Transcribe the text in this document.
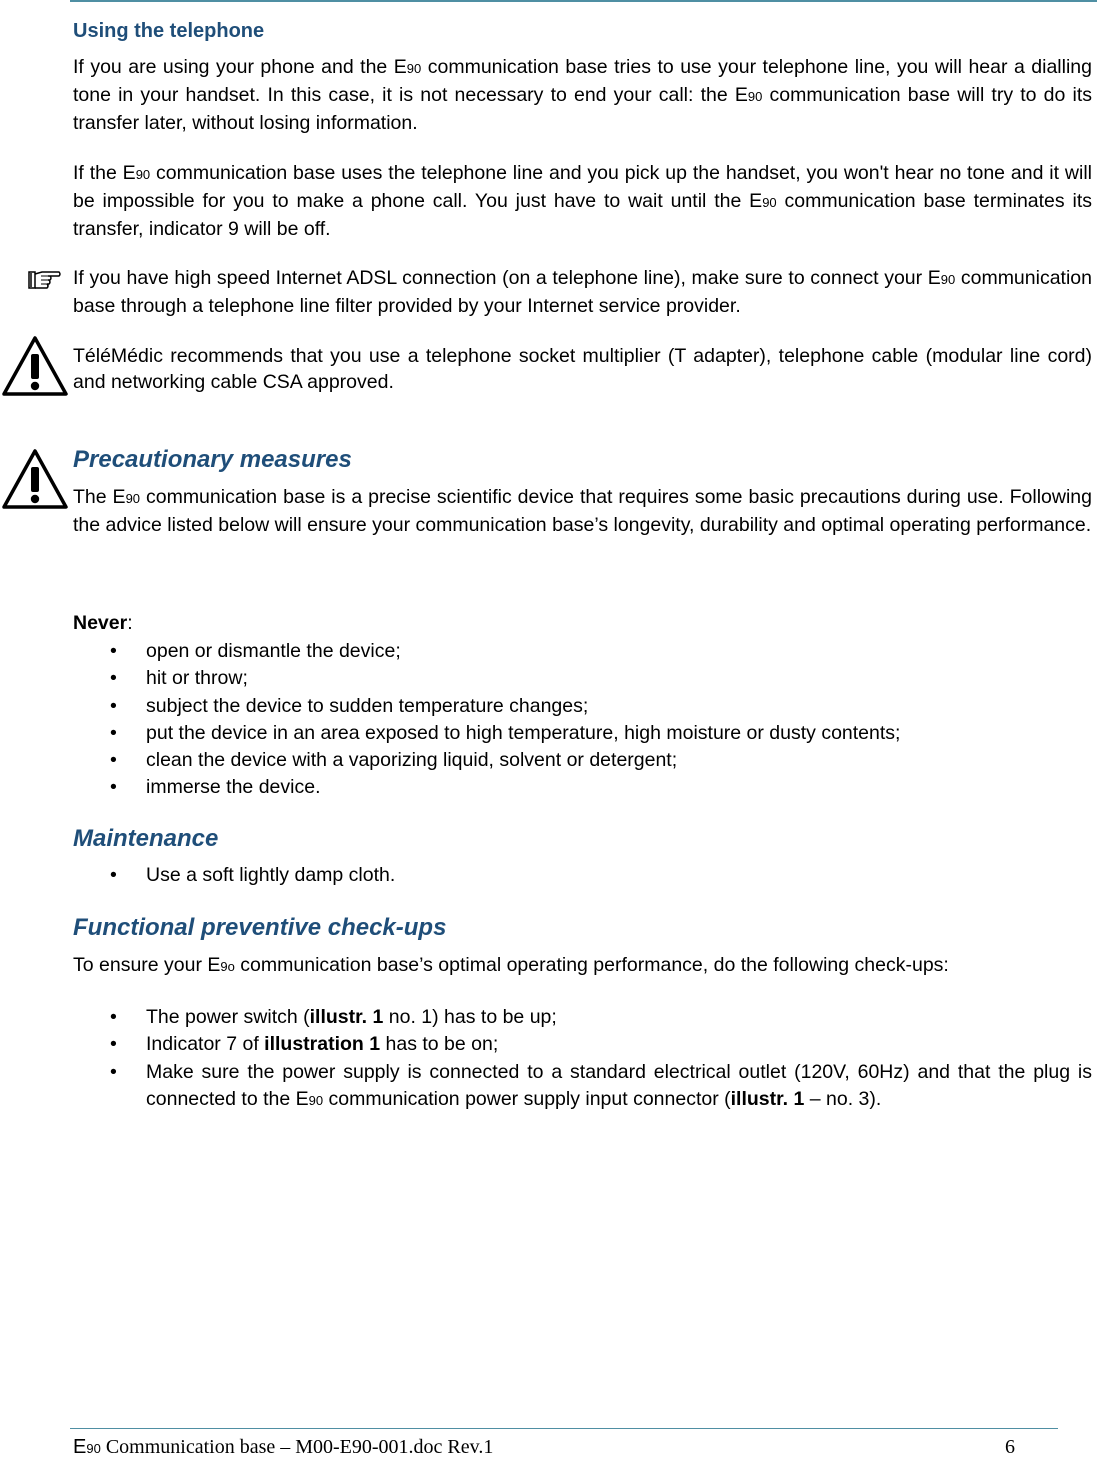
Using the telephone
If you are using your phone and the E90 communication base tries to use your telephone line, you will hear a dialling tone in your handset. In this case, it is not necessary to end your call: the E90 communication base will try to do its transfer later, without losing information.
If the E90 communication base uses the telephone line and you pick up the handset, you won't hear no tone and it will be impossible for you to make a phone call. You just have to wait until the E90 communication base terminates its transfer, indicator 9 will be off.
If you have high speed Internet ADSL connection (on a telephone line), make sure to connect your E90 communication base through a telephone line filter provided by your Internet service provider.
TéléMédic recommends that you use a telephone socket multiplier (T adapter), telephone cable (modular line cord) and networking cable CSA approved.
Precautionary measures
The E90 communication base is a precise scientific device that requires some basic precautions during use. Following the advice listed below will ensure your communication base’s longevity, durability and optimal operating performance.
Never:
• open or dismantle the device;
• hit or throw;
• subject the device to sudden temperature changes;
• put the device in an area exposed to high temperature, high moisture or dusty contents;
• clean the device with a vaporizing liquid, solvent or detergent;
• immerse the device.
Maintenance
• Use a soft lightly damp cloth.
Functional preventive check-ups
To ensure your E9o communication base’s optimal operating performance, do the following check-ups:
• The power switch (illustr. 1 no. 1) has to be up;
• Indicator 7 of illustration 1 has to be on;
• Make sure the power supply is connected to a standard electrical outlet (120V, 60Hz) and that the plug is connected to the E90 communication power supply input connector (illustr. 1 – no. 3).
E90 Communication base – M00-E90-001.doc Rev.1	6
